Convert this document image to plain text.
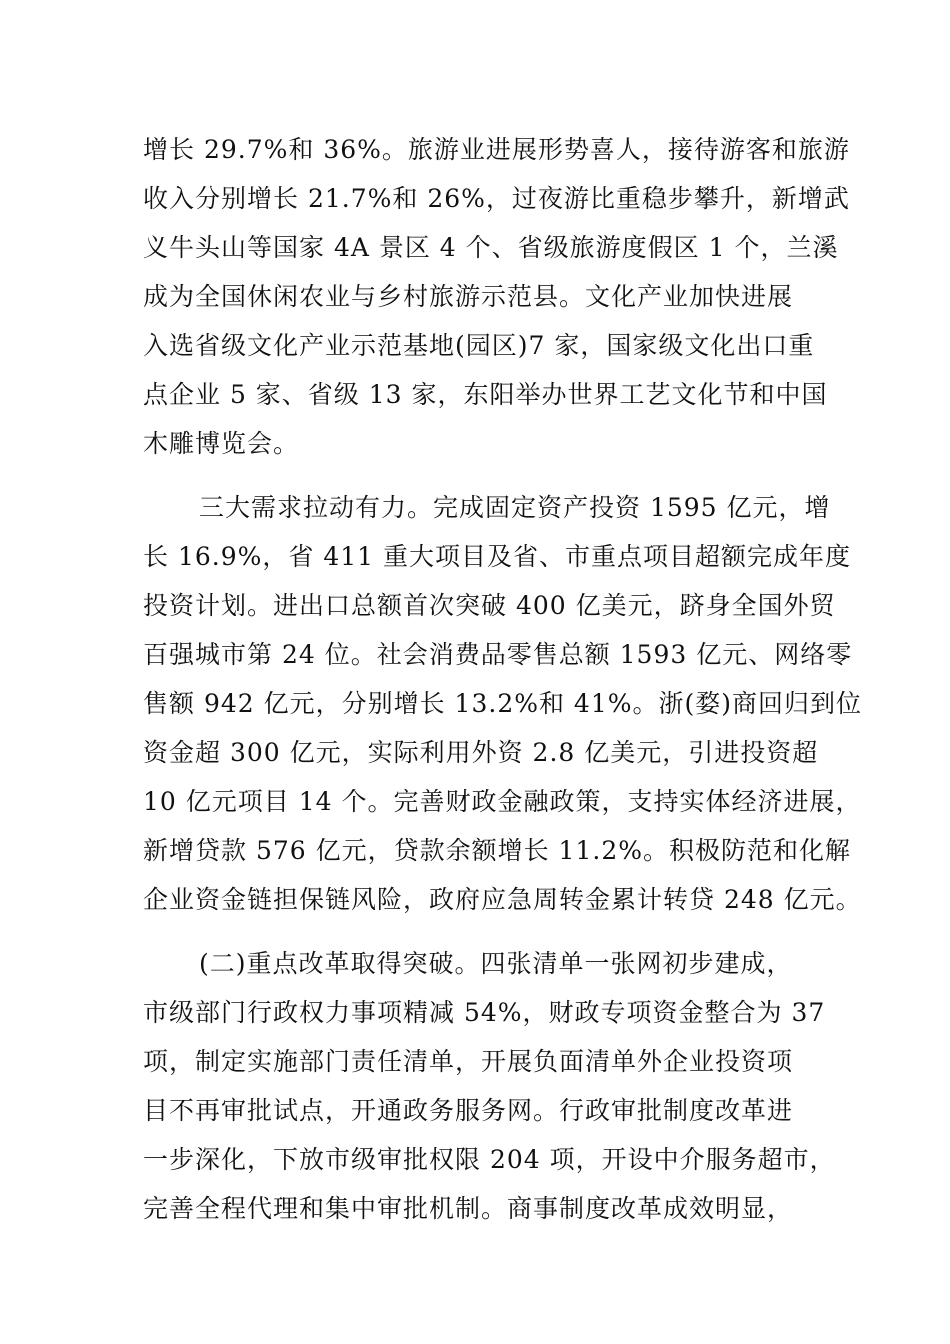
增长 29.7%和 36%。旅游业进展形势喜人，接待游客和旅游
收入分别增长 21.7%和 26%，过夜游比重稳步攀升，新增武
义牛头山等国家 4A 景区 4 个、省级旅游度假区 1 个，兰溪
成为全国休闲农业与乡村旅游示范县。文化产业加快进展
入选省级文化产业示范基地(园区)7 家，国家级文化出口重
点企业 5 家、省级 13 家，东阳举办世界工艺文化节和中国
木雕博览会。
三大需求拉动有力。完成固定资产投资 1595 亿元，增
长 16.9%，省 411 重大项目及省、市重点项目超额完成年度
投资计划。进出口总额首次突破 400 亿美元，跻身全国外贸
百强城市第 24 位。社会消费品零售总额 1593 亿元、网络零
售额 942 亿元，分别增长 13.2%和 41%。浙(婺)商回归到位
资金超 300 亿元，实际利用外资 2.8 亿美元，引进投资超
10 亿元项目 14 个。完善财政金融政策，支持实体经济进展，
新增贷款 576 亿元，贷款余额增长 11.2%。积极防范和化解
企业资金链担保链风险，政府应急周转金累计转贷 248 亿元。
(二)重点改革取得突破。四张清单一张网初步建成，
市级部门行政权力事项精减 54%，财政专项资金整合为 37
项，制定实施部门责任清单，开展负面清单外企业投资项
目不再审批试点，开通政务服务网。行政审批制度改革进
一步深化，下放市级审批权限 204 项，开设中介服务超市，
完善全程代理和集中审批机制。商事制度改革成效明显，
